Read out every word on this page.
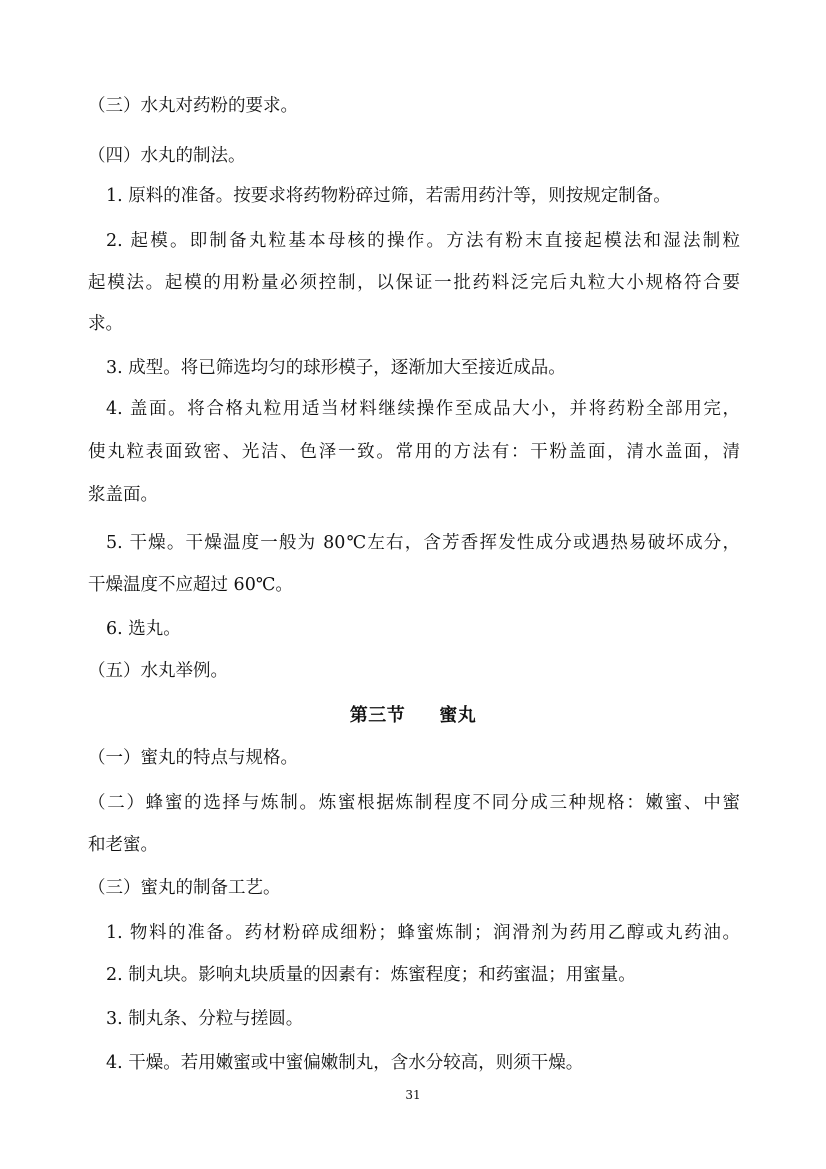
（三）水丸对药粉的要求。
（四）水丸的制法。
1. 原料的准备。按要求将药物粉碎过筛，若需用药汁等，则按规定制备。
2. 起模。即制备丸粒基本母核的操作。方法有粉末直接起模法和湿法制粒
起模法。起模的用粉量必须控制，以保证一批药料泛完后丸粒大小规格符合要
求。
3. 成型。将已筛选均匀的球形模子，逐渐加大至接近成品。
4. 盖面。将合格丸粒用适当材料继续操作至成品大小，并将药粉全部用完，
使丸粒表面致密、光洁、色泽一致。常用的方法有：干粉盖面，清水盖面，清
浆盖面。
5. 干燥。干燥温度一般为 80℃左右，含芳香挥发性成分或遇热易破坏成分，
干燥温度不应超过 60℃。
6. 选丸。
（五）水丸举例。
第三节 蜜丸
（一）蜜丸的特点与规格。
（二）蜂蜜的选择与炼制。炼蜜根据炼制程度不同分成三种规格：嫩蜜、中蜜
和老蜜。
（三）蜜丸的制备工艺。
1. 物料的准备。药材粉碎成细粉；蜂蜜炼制；润滑剂为药用乙醇或丸药油。
2. 制丸块。影响丸块质量的因素有：炼蜜程度；和药蜜温；用蜜量。
3. 制丸条、分粒与搓圆。
4. 干燥。若用嫩蜜或中蜜偏嫩制丸，含水分较高，则须干燥。
31
